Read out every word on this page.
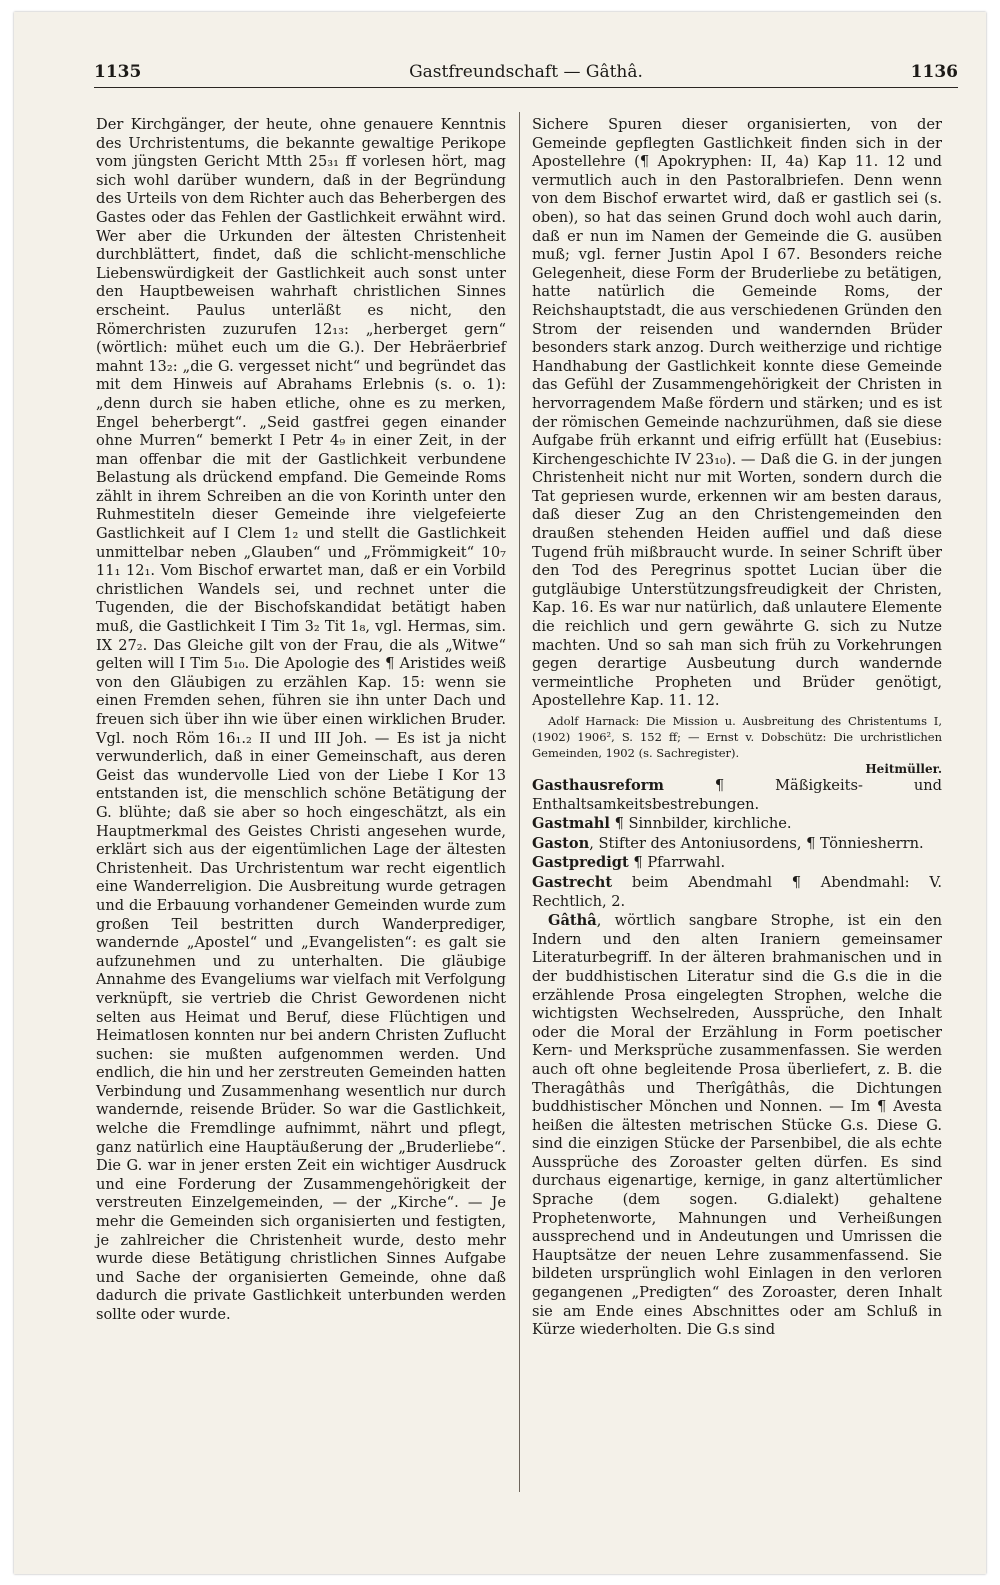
1135	Gastfreundschaft — Gâthâ.	1136

Der Kirchgänger, der heute, ohne genauere Kenntnis des Urchristentums, die bekannte gewaltige Perikope vom jüngsten Gericht Mtth 25₃₁ ff vorlesen hört, mag sich wohl darüber wundern, daß in der Begründung des Urteils von dem Richter auch das Beherbergen des Gastes oder das Fehlen der Gastlichkeit erwähnt wird. Wer aber die Urkunden der ältesten Christenheit durchblättert, findet, daß die schlicht-menschliche Liebenswürdigkeit der Gastlichkeit auch sonst unter den Hauptbeweisen wahrhaft christlichen Sinnes erscheint. Paulus unterläßt es nicht, den Römerchristen zuzurufen 12₁₃: „herberget gern“ (wörtlich: mühet euch um die G.). Der Hebräerbrief mahnt 13₂: „die G. vergesset nicht“ und begründet das mit dem Hinweis auf Abrahams Erlebnis (s. o. 1): „denn durch sie haben etliche, ohne es zu merken, Engel beherbergt“. „Seid gastfrei gegen einander ohne Murren“ bemerkt I Petr 4₉ in einer Zeit, in der man offenbar die mit der Gastlichkeit verbundene Belastung als drückend empfand. Die Gemeinde Roms zählt in ihrem Schreiben an die von Korinth unter den Ruhmestiteln dieser Gemeinde ihre vielgefeierte Gastlichkeit auf I Clem 1₂ und stellt die Gastlichkeit unmittelbar neben „Glauben“ und „Frömmigkeit“ 10₇ 11₁ 12₁. Vom Bischof erwartet man, daß er ein Vorbild christlichen Wandels sei, und rechnet unter die Tugenden, die der Bischofskandidat betätigt haben muß, die Gastlichkeit I Tim 3₂ Tit 1₈, vgl. Hermas, sim. IX 27₂. Das Gleiche gilt von der Frau, die als „Witwe“ gelten will I Tim 5₁₀. Die Apologie des ¶ Aristides weiß von den Gläubigen zu erzählen Kap. 15: wenn sie einen Fremden sehen, führen sie ihn unter Dach und freuen sich über ihn wie über einen wirklichen Bruder. Vgl. noch Röm 16₁.₂ II und III Joh. — Es ist ja nicht verwunderlich, daß in einer Gemeinschaft, aus deren Geist das wundervolle Lied von der Liebe I Kor 13 entstanden ist, die menschlich schöne Betätigung der G. blühte; daß sie aber so hoch eingeschätzt, als ein Hauptmerkmal des Geistes Christi angesehen wurde, erklärt sich aus der eigentümlichen Lage der ältesten Christenheit. Das Urchristentum war recht eigentlich eine Wanderreligion. Die Ausbreitung wurde getragen und die Erbauung vorhandener Gemeinden wurde zum großen Teil bestritten durch Wanderprediger, wandernde „Apostel“ und „Evangelisten“: es galt sie aufzunehmen und zu unterhalten. Die gläubige Annahme des Evangeliums war vielfach mit Verfolgung verknüpft, sie vertrieb die Christ Gewordenen nicht selten aus Heimat und Beruf, diese Flüchtigen und Heimatlosen konnten nur bei andern Christen Zuflucht suchen: sie mußten aufgenommen werden. Und endlich, die hin und her zerstreuten Gemeinden hatten Verbindung und Zusammenhang wesentlich nur durch wandernde, reisende Brüder. So war die Gastlichkeit, welche die Fremdlinge aufnimmt, nährt und pflegt, ganz natürlich eine Hauptäußerung der „Bruderliebe“. Die G. war in jener ersten Zeit ein wichtiger Ausdruck und eine Forderung der Zusammengehörigkeit der verstreuten Einzelgemeinden, — der „Kirche“. — Je mehr die Gemeinden sich organisierten und festigten, je zahlreicher die Christenheit wurde, desto mehr wurde diese Betätigung christlichen Sinnes Aufgabe und Sache der organisierten Gemeinde, ohne daß dadurch die private Gastlichkeit unterbunden werden sollte oder wurde.

Sichere Spuren dieser organisierten, von der Gemeinde gepflegten Gastlichkeit finden sich in der Apostellehre (¶ Apokryphen: II, 4a) Kap 11. 12 und vermutlich auch in den Pastoralbriefen. Denn wenn von dem Bischof erwartet wird, daß er gastlich sei (s. oben), so hat das seinen Grund doch wohl auch darin, daß er nun im Namen der Gemeinde die G. ausüben muß; vgl. ferner Justin Apol I 67. Besonders reiche Gelegenheit, diese Form der Bruderliebe zu betätigen, hatte natürlich die Gemeinde Roms, der Reichshauptstadt, die aus verschiedenen Gründen den Strom der reisenden und wandernden Brüder besonders stark anzog. Durch weitherzige und richtige Handhabung der Gastlichkeit konnte diese Gemeinde das Gefühl der Zusammengehörigkeit der Christen in hervorragendem Maße fördern und stärken; und es ist der römischen Gemeinde nachzurühmen, daß sie diese Aufgabe früh erkannt und eifrig erfüllt hat (Eusebius: Kirchengeschichte IV 23₁₀). — Daß die G. in der jungen Christenheit nicht nur mit Worten, sondern durch die Tat gepriesen wurde, erkennen wir am besten daraus, daß dieser Zug an den Christengemeinden den draußen stehenden Heiden auffiel und daß diese Tugend früh mißbraucht wurde. In seiner Schrift über den Tod des Peregrinus spottet Lucian über die gutgläubige Unterstützungsfreudigkeit der Christen, Kap. 16. Es war nur natürlich, daß unlautere Elemente die reichlich und gern gewährte G. sich zu Nutze machten. Und so sah man sich früh zu Vorkehrungen gegen derartige Ausbeutung durch wandernde vermeintliche Propheten und Brüder genötigt, Apostellehre Kap. 11. 12.

Adolf Harnack: Die Mission u. Ausbreitung des Christentums I, (1902) 1906², S. 152 ff; — Ernst v. Dobschütz: Die urchristlichen Gemeinden, 1902 (s. Sachregister).

Heitmüller.

Gasthausreform ¶ Mäßigkeits- und Enthaltsamkeitsbestrebungen.

Gastmahl ¶ Sinnbilder, kirchliche.

Gaston, Stifter des Antoniusordens, ¶ Tönniesherrn.

Gastpredigt ¶ Pfarrwahl.

Gastrecht beim Abendmahl ¶ Abendmahl: V. Rechtlich, 2.

Gâthâ, wörtlich sangbare Strophe, ist ein den Indern und den alten Iraniern gemeinsamer Literaturbegriff. In der älteren brahmanischen und in der buddhistischen Literatur sind die G.s die in die erzählende Prosa eingelegten Strophen, welche die wichtigsten Wechselreden, Aussprüche, den Inhalt oder die Moral der Erzählung in Form poetischer Kern- und Merksprüche zusammenfassen. Sie werden auch oft ohne begleitende Prosa überliefert, z. B. die Theragâthâs und Therîgâthâs, die Dichtungen buddhistischer Mönchen und Nonnen. — Im ¶ Avesta heißen die ältesten metrischen Stücke G.s. Diese G. sind die einzigen Stücke der Parsenbibel, die als echte Aussprüche des Zoroaster gelten dürfen. Es sind durchaus eigenartige, kernige, in ganz altertümlicher Sprache (dem sogen. G.dialekt) gehaltene Prophetenworte, Mahnungen und Verheißungen aussprechend und in Andeutungen und Umrissen die Hauptsätze der neuen Lehre zusammenfassend. Sie bildeten ursprünglich wohl Einlagen in den verloren gegangenen „Predigten“ des Zoroaster, deren Inhalt sie am Ende eines Abschnittes oder am Schluß in Kürze wiederholten. Die G.s sind
